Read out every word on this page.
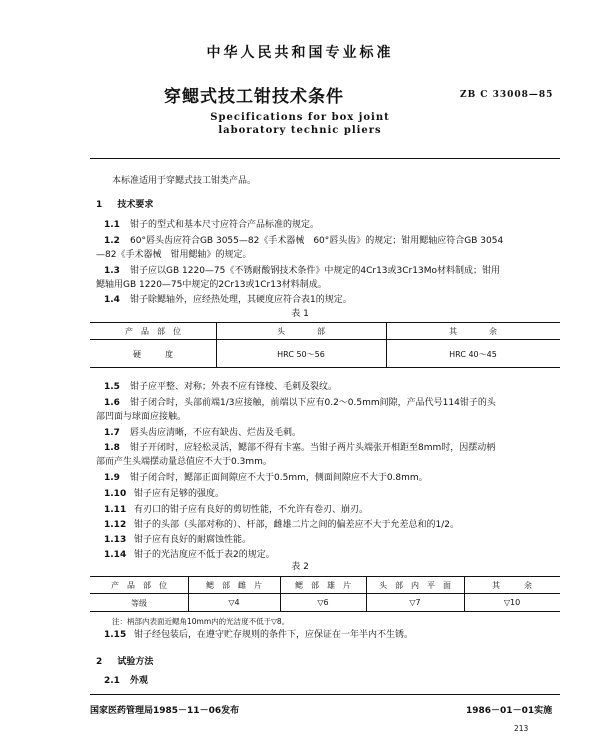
中华人民共和国专业标准
穿鳃式技工钳技术条件	ZB C 33008—85
Specifications for box joint
laboratory technic pliers
本标准适用于穿鳃式技工钳类产品。
1 技术要求
1.1 钳子的型式和基本尺寸应符合产品标准的规定。
1.2 60°唇头齿应符合GB 3055—82《手术器械　60°唇头齿》的规定；钳用鳃轴应符合GB 3054
—82《手术器械　钳用鳃轴》的规定。
1.3 钳子应以GB 1220—75《不锈耐酸钢技术条件》中规定的4Cr13或3Cr13Mo材料制成；钳用
鳃轴用GB 1220—75中规定的2Cr13或1Cr13材料制成。
1.4 钳子除鳃轴外，应经热处理，其硬度应符合表1的规定。
表 1
产　品　部　位	头　　　　部	其　　　　余
硬　　　度	HRC 50～56	HRC 40～45
1.5 钳子应平整、对称；外表不应有锋棱、毛刺及裂纹。
1.6 钳子闭合时，头部前端1/3应接触，前端以下应有0.2～0.5mm间隙，产品代号114钳子的头
部凹面与球面应接触。
1.7 唇头齿应清晰，不应有缺齿、烂齿及毛刺。
1.8 钳子开闭时，应轻松灵活，鳃部不得有卡塞。当钳子两片头端张开相距至8mm时，因摆动柄
部而产生头端摆动量总值应不大于0.3mm。
1.9 钳子闭合时，鳃部正面间隙应不大于0.5mm，侧面间隙应不大于0.8mm。
1.10 钳子应有足够的强度。
1.11 有刃口的钳子应有良好的剪切性能，不允许有卷刃、崩刃。
1.12 钳子的头部（头部对称的）、杆部，雌雄二片之间的偏差应不大于允差总和的1/2。
1.13 钳子应有良好的耐腐蚀性能。
1.14 钳子的光洁度应不低于表2的规定。
表 2
产　品　部　位	鳃　部　雌　片	鳃　部　雄　片	头　部　内　平　面	其　　　余
等级	▽4	▽6	▽7	▽10
注：柄部内表面近鳃角10mm内的光洁度不低于▽8。
1.15 钳子经包装后，在遵守贮存规则的条件下，应保证在一年半内不生锈。
2 试验方法
2.1 外观
国家医药管理局1985－11－06发布	1986－01－01实施
213
